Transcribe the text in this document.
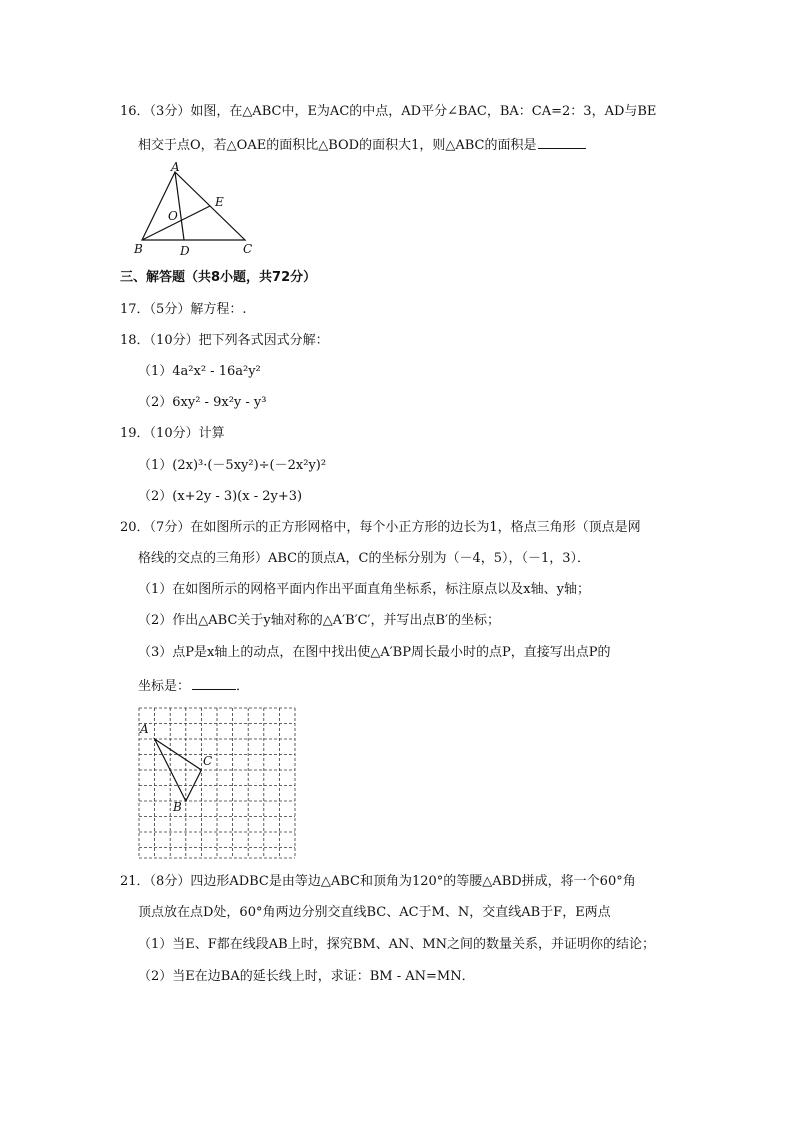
16．（3分）如图，在△ABC中，E为AC的中点，AD平分∠BAC，BA：CA=2：3，AD与BE
相交于点O，若△OAE的面积比△BOD的面积大1，则△ABC的面积是
A
B	C
D
E
O
三、解答题（共8小题，共72分）
17．（5分）解方程：.
18．（10分）把下列各式因式分解：
（1）4a²x² - 16a²y²
（2）6xy² - 9x²y - y³
19．（10分）计算
（1）(2x)³·(－5xy²)÷(－2x²y)²
（2）(x+2y - 3)(x - 2y+3)
20．（7分）在如图所示的正方形网格中，每个小正方形的边长为1，格点三角形（顶点是网
格线的交点的三角形）ABC的顶点A，C的坐标分别为（－4，5），（－1，3）．
（1）在如图所示的网格平面内作出平面直角坐标系，标注原点以及x轴、y轴；
（2）作出△ABC关于y轴对称的△A′B′C′，并写出点B′的坐标；
（3）点P是x轴上的动点，在图中找出使△A′BP周长最小时的点P，直接写出点P的
坐标是：	．
A
B
C
21．（8分）四边形ADBC是由等边△ABC和顶角为120°的等腰△ABD拼成，将一个60°角
顶点放在点D处，60°角两边分别交直线BC、AC于M、N，交直线AB于F，E两点
（1）当E、F都在线段AB上时，探究BM、AN、MN之间的数量关系，并证明你的结论；
（2）当E在边BA的延长线上时，求证：BM - AN=MN．
